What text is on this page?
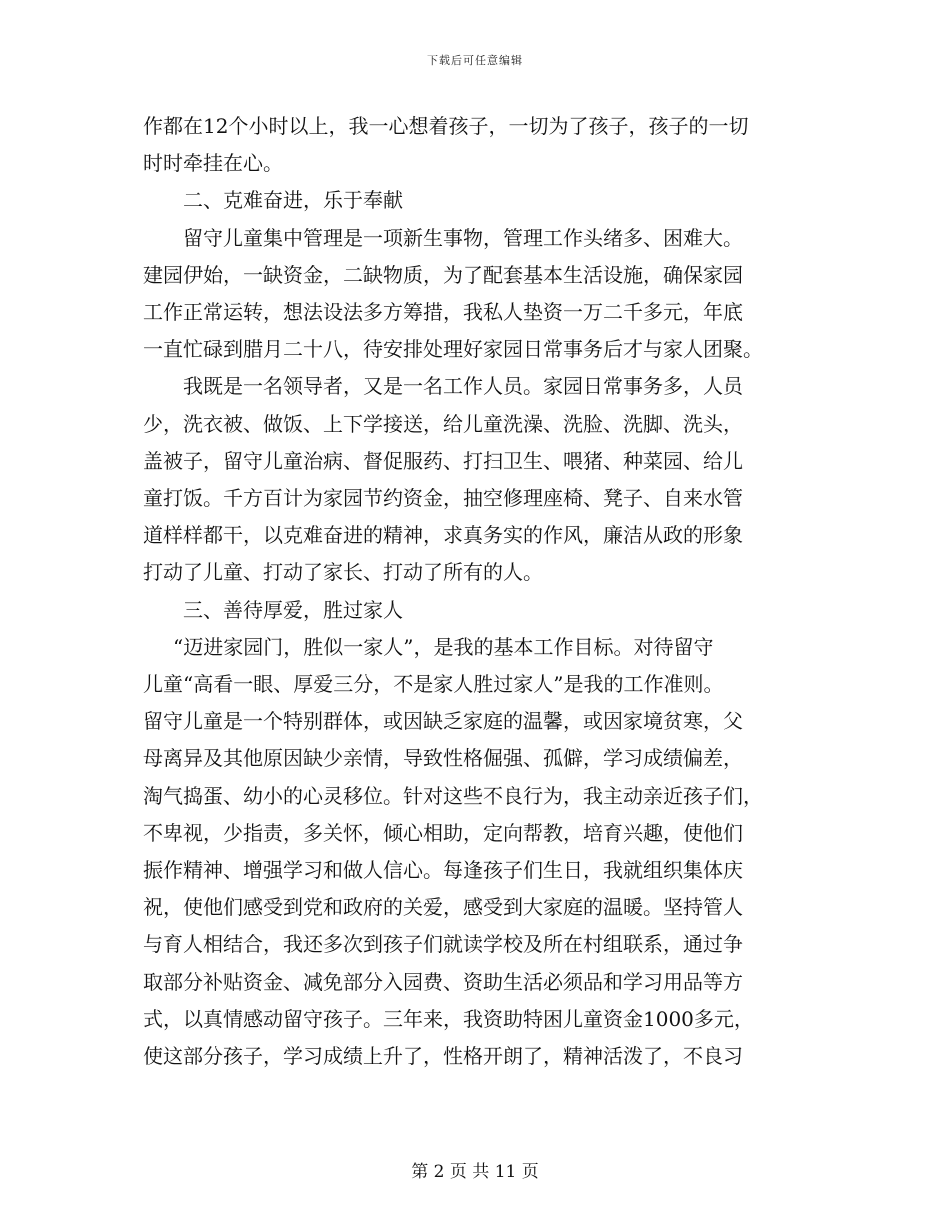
下载后可任意编辑
作都在12个小时以上，我一心想着孩子，一切为了孩子，孩子的一切
时时牵挂在心。
二、克难奋进，乐于奉献
留守儿童集中管理是一项新生事物，管理工作头绪多、困难大。
建园伊始，一缺资金，二缺物质，为了配套基本生活设施，确保家园
工作正常运转，想法设法多方筹措，我私人垫资一万二千多元，年底
一直忙碌到腊月二十八，待安排处理好家园日常事务后才与家人团聚。
我既是一名领导者，又是一名工作人员。家园日常事务多，人员
少，洗衣被、做饭、上下学接送，给儿童洗澡、洗脸、洗脚、洗头，
盖被子，留守儿童治病、督促服药、打扫卫生、喂猪、种菜园、给儿
童打饭。千方百计为家园节约资金，抽空修理座椅、凳子、自来水管
道样样都干，以克难奋进的精神，求真务实的作风，廉洁从政的形象
打动了儿童、打动了家长、打动了所有的人。
三、善待厚爱，胜过家人
“迈进家园门，胜似一家人”，是我的基本工作目标。对待留守
儿童“高看一眼、厚爱三分，不是家人胜过家人”是我的工作准则。
留守儿童是一个特别群体，或因缺乏家庭的温馨，或因家境贫寒，父
母离异及其他原因缺少亲情，导致性格倔强、孤僻，学习成绩偏差，
淘气捣蛋、幼小的心灵移位。针对这些不良行为，我主动亲近孩子们，
不卑视，少指责，多关怀，倾心相助，定向帮教，培育兴趣，使他们
振作精神、增强学习和做人信心。每逢孩子们生日，我就组织集体庆
祝，使他们感受到党和政府的关爱，感受到大家庭的温暖。坚持管人
与育人相结合，我还多次到孩子们就读学校及所在村组联系，通过争
取部分补贴资金、减免部分入园费、资助生活必须品和学习用品等方
式，以真情感动留守孩子。三年来，我资助特困儿童资金1000多元，
使这部分孩子，学习成绩上升了，性格开朗了，精神活泼了，不良习
第 2 页 共 11 页
